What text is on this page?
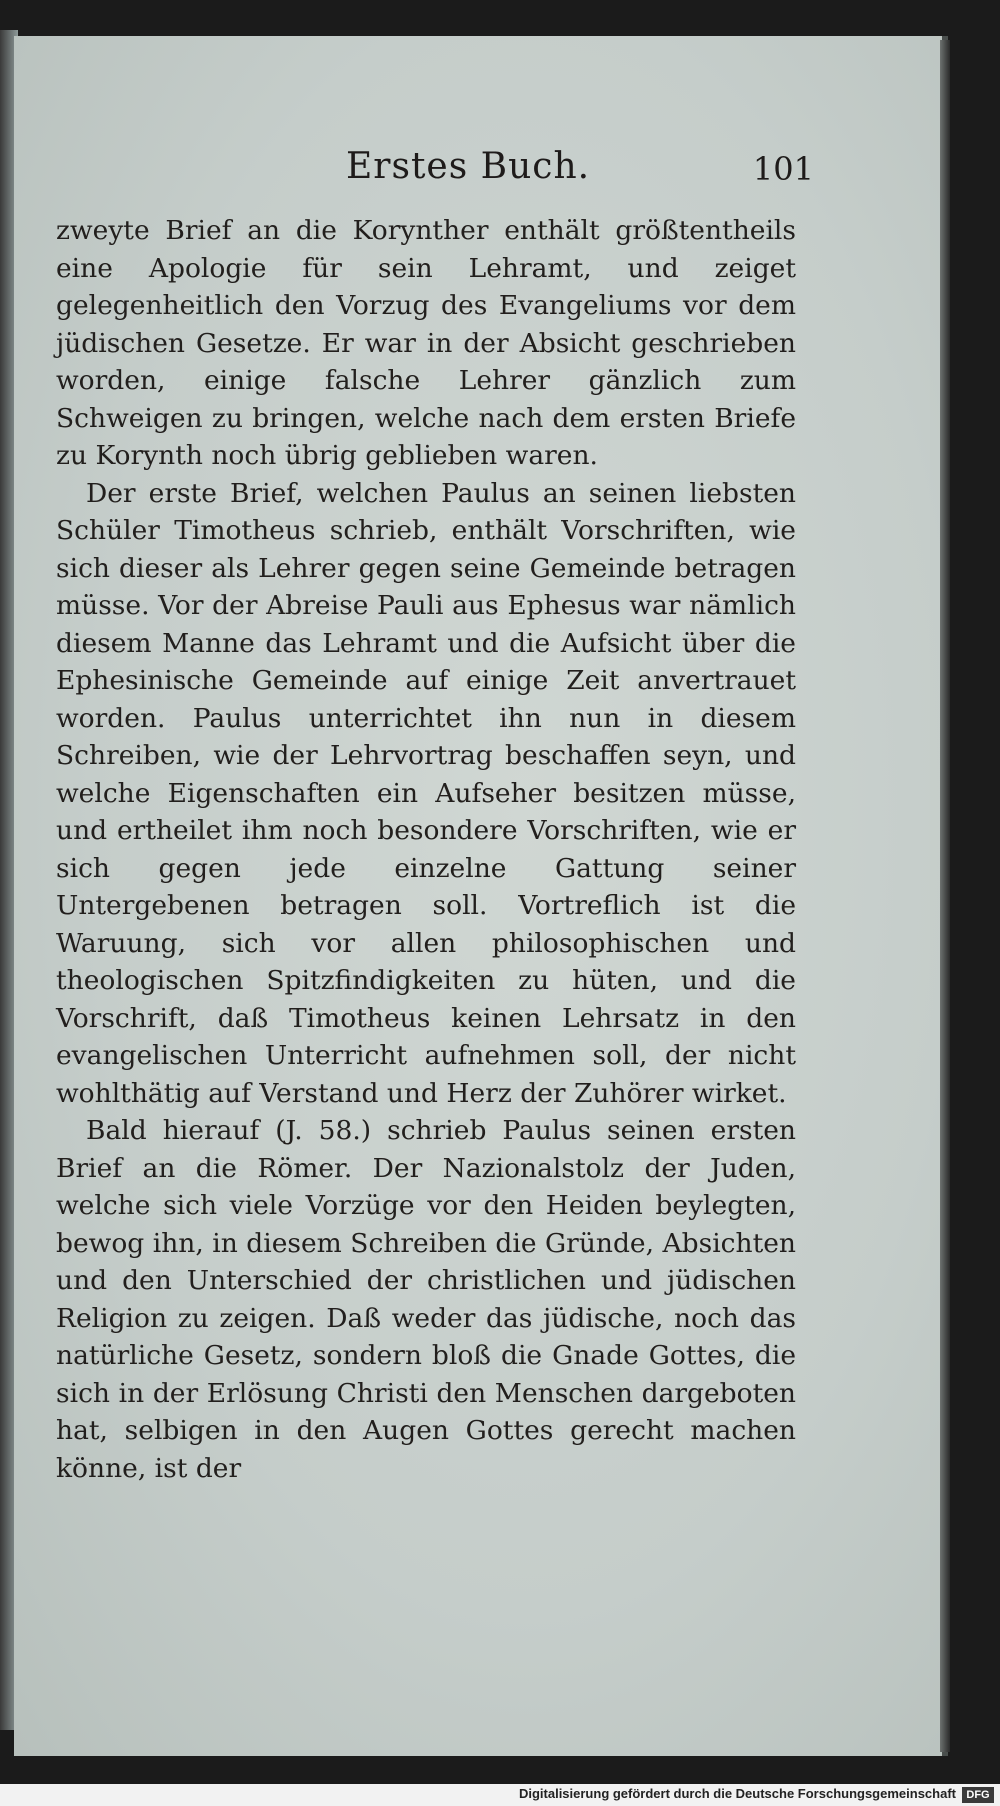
Erstes Buch.	101

zweyte Brief an die Korynther enthält größtentheils eine Apologie für sein Lehramt, und zeiget gelegenheitlich den Vorzug des Evangeliums vor dem jüdischen Gesetze. Er war in der Absicht geschrieben worden, einige falsche Lehrer gänzlich zum Schweigen zu bringen, welche nach dem ersten Briefe zu Korynth noch übrig geblieben waren.

Der erste Brief, welchen Paulus an seinen liebsten Schüler Timotheus schrieb, enthält Vorschriften, wie sich dieser als Lehrer gegen seine Gemeinde betragen müsse. Vor der Abreise Pauli aus Ephesus war nämlich diesem Manne das Lehramt und die Aufsicht über die Ephesinische Gemeinde auf einige Zeit anvertrauet worden. Paulus unterrichtet ihn nun in diesem Schreiben, wie der Lehrvortrag beschaffen seyn, und welche Eigenschaften ein Aufseher besitzen müsse, und ertheilet ihm noch besondere Vorschriften, wie er sich gegen jede einzelne Gattung seiner Untergebenen betragen soll. Vortreflich ist die Waruung, sich vor allen philosophischen und theologischen Spitzfindigkeiten zu hüten, und die Vorschrift, daß Timotheus keinen Lehrsatz in den evangelischen Unterricht aufnehmen soll, der nicht wohlthätig auf Verstand und Herz der Zuhörer wirket.

Bald hierauf (J. 58.) schrieb Paulus seinen ersten Brief an die Römer. Der Nazionalstolz der Juden, welche sich viele Vorzüge vor den Heiden beylegten, bewog ihn, in diesem Schreiben die Gründe, Absichten und den Unterschied der christlichen und jüdischen Religion zu zeigen. Daß weder das jüdische, noch das natürliche Gesetz, sondern bloß die Gnade Gottes, die sich in der Erlösung Christi den Menschen dargeboten hat, selbigen in den Augen Gottes gerecht machen könne, ist der

Digitalisierung gefördert durch die Deutsche Forschungsgemeinschaft DFG
